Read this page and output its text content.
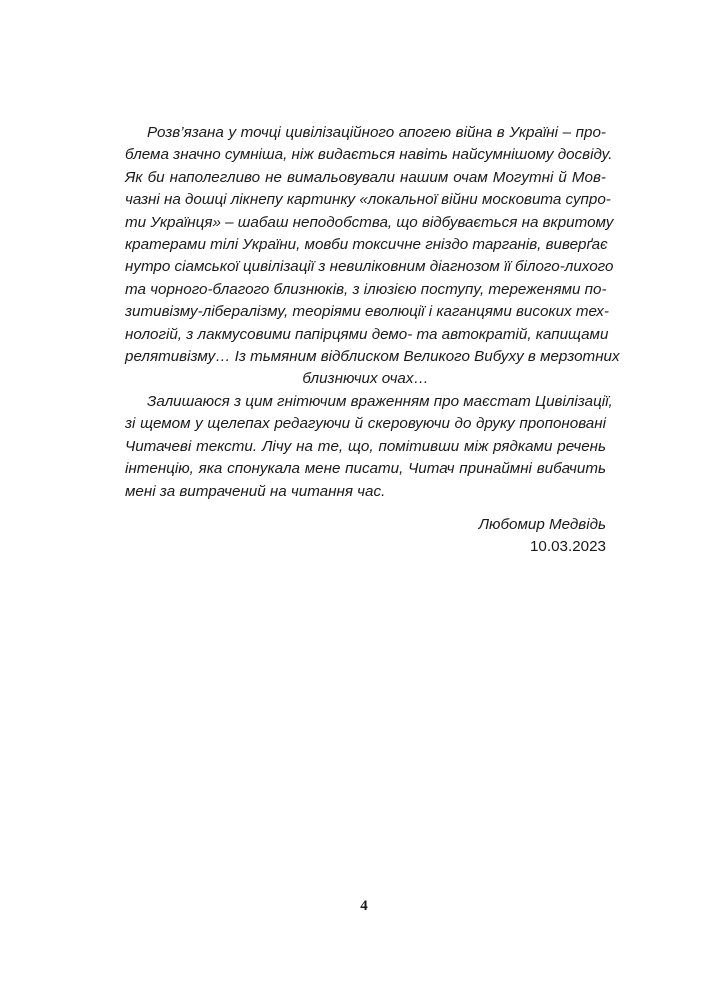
Розв’язана у точці цивілізаційного апогею війна в Україні – про-
блема значно сумніша, ніж видається навіть найсумнішому досвіду.
Як би наполегливо не вимальовували нашим очам Могутні й Мов-
чазні на дошці лікнепу картинку «локальної війни московита супро-
ти Українця» – шабаш неподобства, що відбувається на вкритому
кратерами тілі України, мовби токсичне гніздо тарганів, виверґає
нутро сіамської цивілізації з невиліковним діагнозом її білого-лихого
та чорного-благого близнюків, з ілюзією поступу, тереженями по-
зитивізму-лібералізму, теоріями еволюції і каганцями високих тех-
нологій, з лакмусовими папірцями демо- та автократій, капищами
релятивізму… Із тьмяним відблиском Великого Вибуху в мерзотних
близнючих очах…
Залишаюся з цим гнітючим враженням про маєстат Цивілізації,
зі щемом у щелепах редагуючи й скеровуючи до друку пропоновані
Читачеві тексти. Лічу на те, що, помітивши між рядками речень
інтенцію, яка спонукала мене писати, Читач принаймні вибачить
мені за витрачений на читання час.
Любомир Медвідь
10.03.2023
4
